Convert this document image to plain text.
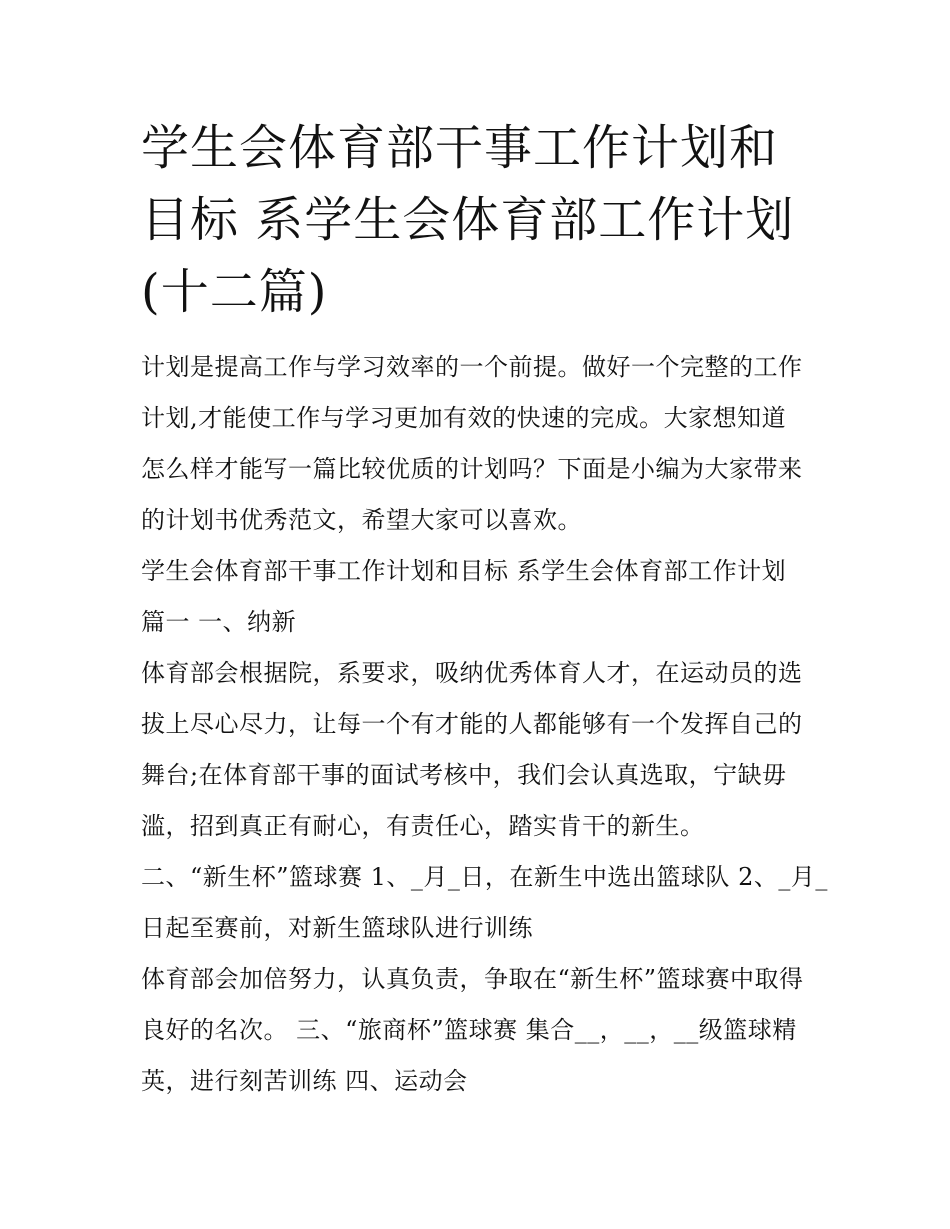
学生会体育部干事工作计划和
目标 系学生会体育部工作计划
(十二篇)

计划是提高工作与学习效率的一个前提。做好一个完整的工作
计划,才能使工作与学习更加有效的快速的完成。大家想知道
怎么样才能写一篇比较优质的计划吗？下面是小编为大家带来
的计划书优秀范文，希望大家可以喜欢。

学生会体育部干事工作计划和目标 系学生会体育部工作计划
篇一 一、纳新

体育部会根据院，系要求，吸纳优秀体育人才，在运动员的选
拔上尽心尽力，让每一个有才能的人都能够有一个发挥自己的
舞台;在体育部干事的面试考核中，我们会认真选取，宁缺毋
滥，招到真正有耐心，有责任心，踏实肯干的新生。

二、“新生杯”篮球赛 1、_月_日，在新生中选出篮球队 2、_月_
日起至赛前，对新生篮球队进行训练

体育部会加倍努力，认真负责，争取在“新生杯”篮球赛中取得
良好的名次。 三、“旅商杯”篮球赛 集合__，__，__级篮球精
英，进行刻苦训练 四、运动会
